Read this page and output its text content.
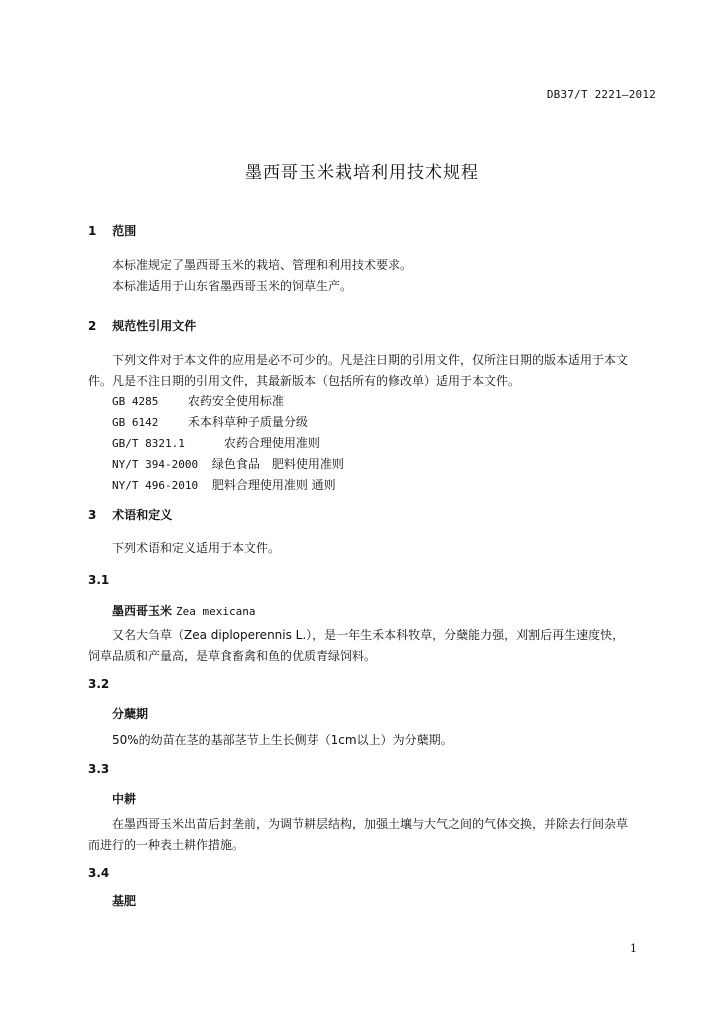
DB37/T 2221—2012
墨西哥玉米栽培利用技术规程
1 范围
本标准规定了墨西哥玉米的栽培、管理和利用技术要求。
本标准适用于山东省墨西哥玉米的饲草生产。
2 规范性引用文件
下列文件对于本文件的应用是必不可少的。凡是注日期的引用文件，仅所注日期的版本适用于本文
件。凡是不注日期的引用文件，其最新版本（包括所有的修改单）适用于本文件。
GB 4285 农药安全使用标准
GB 6142 禾本科草种子质量分级
GB/T 8321.1	农药合理使用准则
NY/T 394-2000 绿色食品　肥料使用准则
NY/T 496-2010 肥料合理使用准则 通则
3 术语和定义
下列术语和定义适用于本文件。
3.1
墨西哥玉米 Zea mexicana
又名大刍草（Zea diploperennis L.），是一年生禾本科牧草，分蘖能力强，刈割后再生速度快，
饲草品质和产量高，是草食畜禽和鱼的优质青绿饲料。
3.2
分蘖期
50%的幼苗在茎的基部茎节上生长侧芽（1cm以上）为分蘖期。
3.3
中耕
在墨西哥玉米出苗后封垄前，为调节耕层结构，加强土壤与大气之间的气体交换，并除去行间杂草
而进行的一种表土耕作措施。
3.4
基肥
1
